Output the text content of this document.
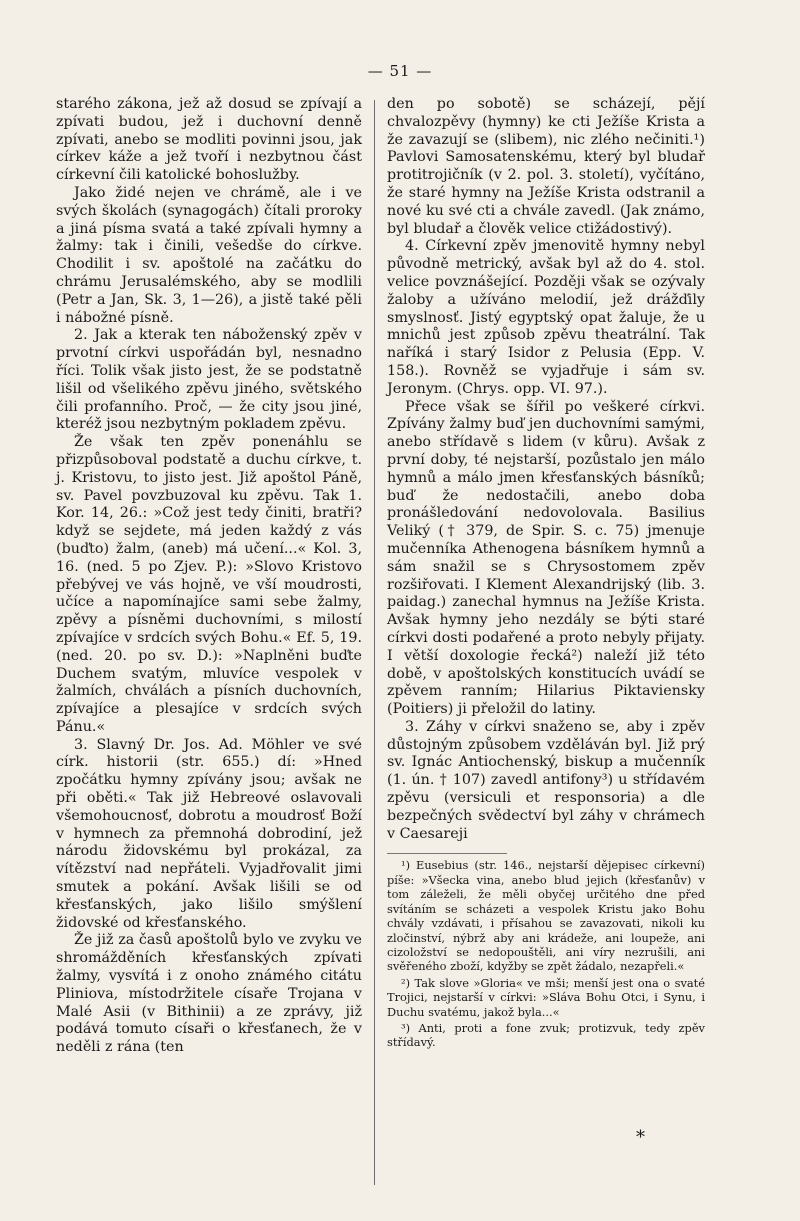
— 51 —

starého zákona, jež až dosud se zpívají a zpívati budou, jež i duchovní denně zpívati, anebo se modliti povinni jsou, jak církev káže a jež tvoří i nezbytnou část církevní čili katolické bohoslužby.

Jako židé nejen ve chrámě, ale i ve svých školách (synagogách) čítali proroky a jiná písma svatá a také zpívali hymny a žalmy: tak i činili, vešedše do církve. Chodilit i sv. apoštolé na začátku do chrámu Jerusalémského, aby se modlili (Petr a Jan, Sk. 3, 1—26), a jistě také pěli i nábožné písně.

2. Jak a kterak ten náboženský zpěv v prvotní církvi uspořádán byl, nesnadno říci. Tolik však jisto jest, že se podstatně lišil od všelikého zpěvu jiného, světského čili profanního. Proč, — že city jsou jiné, kteréž jsou nezbytným pokladem zpěvu.

Že však ten zpěv ponenáhlu se přizpůsoboval podstatě a duchu církve, t. j. Kristovu, to jisto jest. Již apoštol Páně, sv. Pavel povzbuzoval ku zpěvu. Tak 1. Kor. 14, 26.: »Což jest tedy činiti, bratři? když se sejdete, má jeden každý z vás (buďto) žalm, (aneb) má učení...« Kol. 3, 16. (ned. 5 po Zjev. P.): »Slovo Kristovo přebývej ve vás hojně, ve vší moudrosti, učíce a napomínajíce sami sebe žalmy, zpěvy a písněmi duchovními, s milostí zpívajíce v srdcích svých Bohu.« Ef. 5, 19. (ned. 20. po sv. D.): »Naplněni buďte Duchem svatým, mluvíce vespolek v žalmích, chválách a písních duchovních, zpívajíce a plesajíce v srdcích svých Pánu.«

3. Slavný Dr. Jos. Ad. Möhler ve své círk. historii (str. 655.) dí: »Hned zpočátku hymny zpívány jsou; avšak ne při oběti.« Tak již Hebreové oslavovali všemohoucnosť, dobrotu a moudrosť Boží v hymnech za přemnohá dobrodiní, jež národu židovskému byl prokázal, za vítězství nad nepřáteli. Vyjadřovalit jimi smutek a pokání. Avšak lišili se od křesťanských, jako lišilo smýšlení židovské od křesťanského.

Že již za časů apoštolů bylo ve zvyku ve shromážděních křesťanských zpívati žalmy, vysvítá i z onoho známého citátu Pliniova, místodržitele císaře Trojana v Malé Asii (v Bithinii) a ze zprávy, již podává tomuto císaři o křesťanech, že v neděli z rána (ten

den po sobotě) se scházejí, pějí chvalozpěvy (hymny) ke cti Ježíše Krista a že zavazují se (slibem), nic zlého nečiniti.¹) Pavlovi Samosatenskému, který byl bludař protitrojičník (v 2. pol. 3. století), vyčítáno, že staré hymny na Ježíše Krista odstranil a nové ku své cti a chvále zavedl. (Jak známo, byl bludař a člověk velice ctižádostivý).

4. Církevní zpěv jmenovitě hymny nebyl původně metrický, avšak byl až do 4. stol. velice povznášející. Později však se ozývaly žaloby a užíváno melodií, jež drážďily smyslnosť. Jistý egyptský opat žaluje, že u mnichů jest způsob zpěvu theatrální. Tak naříká i starý Isidor z Pelusia (Epp. V. 158.). Rovněž se vyjadřuje i sám sv. Jeronym. (Chrys. opp. VI. 97.).

Přece však se šířil po veškeré církvi. Zpívány žalmy buď jen duchovními samými, anebo střídavě s lidem (v kůru). Avšak z první doby, té nejstarší, pozůstalo jen málo hymnů a málo jmen křesťanských básníků; buď že nedostačili, anebo doba pronášledování nedovolovala. Basilius Veliký († 379, de Spir. S. c. 75) jmenuje mučenníka Athenogena básníkem hymnů a sám snažil se s Chrysostomem zpěv rozšiřovati. I Klement Alexandrijský (lib. 3. paidag.) zanechal hymnus na Ježíše Krista. Avšak hymny jeho nezdály se býti staré církvi dosti podařené a proto nebyly přijaty. I větší doxologie řecká²) naleží již této době, v apoštolských konstitucích uvádí se zpěvem ranním; Hilarius Piktaviensky (Poitiers) ji přeložil do latiny.

3. Záhy v církvi snaženo se, aby i zpěv důstojným způsobem vzděláván byl. Již prý sv. Ignác Antiochenský, biskup a mučenník (1. ún. † 107) zavedl antifony³) u střídavém zpěvu (versiculi et responsoria) a dle bezpečných svědectví byl záhy v chrámech v Caesareji

¹) Eusebius (str. 146., nejstarší dějepisec církevní) píše: »Všecka vina, anebo blud jejich (křesťanův) v tom záleželi, že měli obyčej určitého dne před svítáním se scházeti a vespolek Kristu jako Bohu chvály vzdávati, i přísahou se zavazovati, nikoli ku zločinství, nýbrž aby ani krádeže, ani loupeže, ani cizoložství se nedopouštěli, ani víry nezrušili, ani svěřeného zboží, kdyžby se zpět žádalo, nezapřeli.«

²) Tak slove »Gloria« ve mši; menší jest ona o svaté Trojici, nejstarší v církvi: »Sláva Bohu Otci, i Synu, i Duchu svatému, jakož byla...«

³) Anti, proti a fone zvuk; protizvuk, tedy zpěv střídavý.

*
